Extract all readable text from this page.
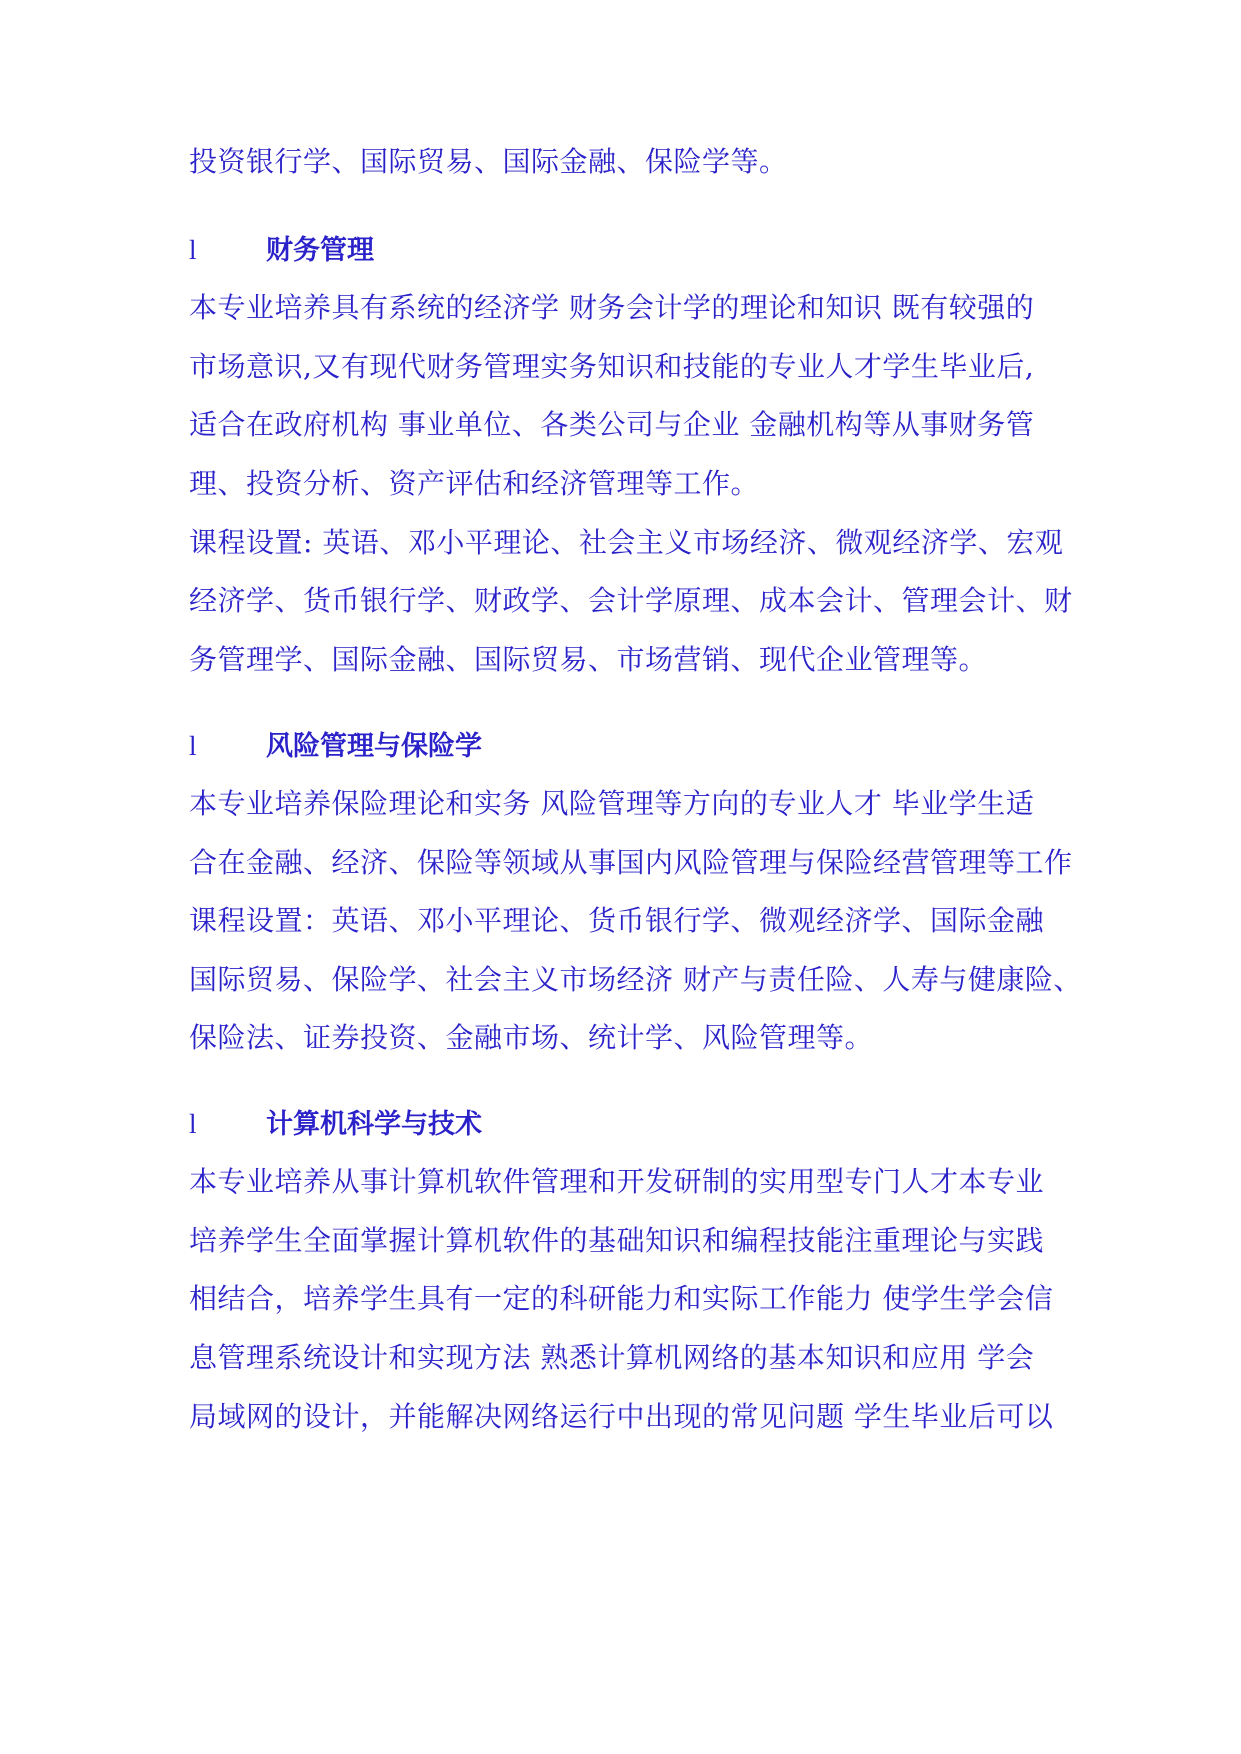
投资银行学、国际贸易、国际金融、保险学等。
l	财务管理
本专业培养具有系统的经济学 财务会计学的理论和知识 既有较强的
市场意识,又有现代财务管理实务知识和技能的专业人才学生毕业后,
适合在政府机构 事业单位、各类公司与企业 金融机构等从事财务管
理、投资分析、资产评估和经济管理等工作。
课程设置: 英语、邓小平理论、社会主义市场经济、微观经济学、宏观
经济学、货币银行学、财政学、会计学原理、成本会计、管理会计、财
务管理学、国际金融、国际贸易、市场营销、现代企业管理等。
l	风险管理与保险学
本专业培养保险理论和实务 风险管理等方向的专业人才 毕业学生适
合在金融、经济、保险等领域从事国内风险管理与保险经营管理等工作
课程设置：英语、邓小平理论、货币银行学、微观经济学、国际金融
国际贸易、保险学、社会主义市场经济 财产与责任险、人寿与健康险、
保险法、证券投资、金融市场、统计学、风险管理等。
l	计算机科学与技术
本专业培养从事计算机软件管理和开发研制的实用型专门人才本专业
培养学生全面掌握计算机软件的基础知识和编程技能注重理论与实践
相结合，培养学生具有一定的科研能力和实际工作能力 使学生学会信
息管理系统设计和实现方法 熟悉计算机网络的基本知识和应用 学会
局域网的设计，并能解决网络运行中出现的常见问题 学生毕业后可以
